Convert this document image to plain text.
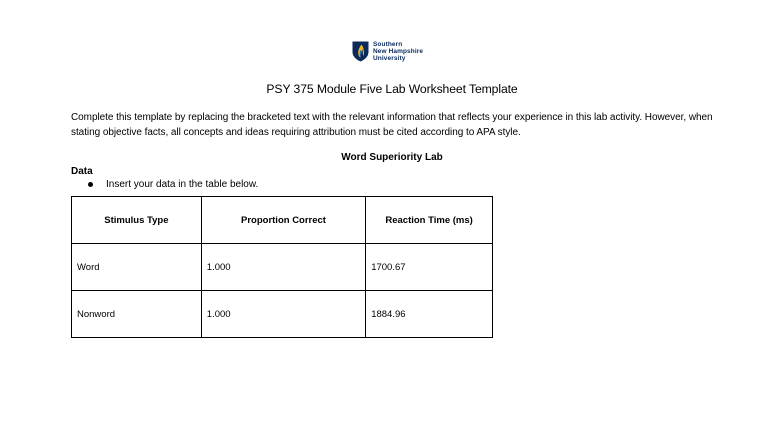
Southern
New Hampshire
University
PSY 375 Module Five Lab Worksheet Template
Complete this template by replacing the bracketed text with the relevant information that reflects your experience in this lab activity. However, when stating objective facts, all concepts and ideas requiring attribution must be cited according to APA style.
Word Superiority Lab
Data
Insert your data in the table below.
Stimulus Type	Proportion Correct	Reaction Time (ms)
Word	1.000	1700.67
Nonword	1.000	1884.96
